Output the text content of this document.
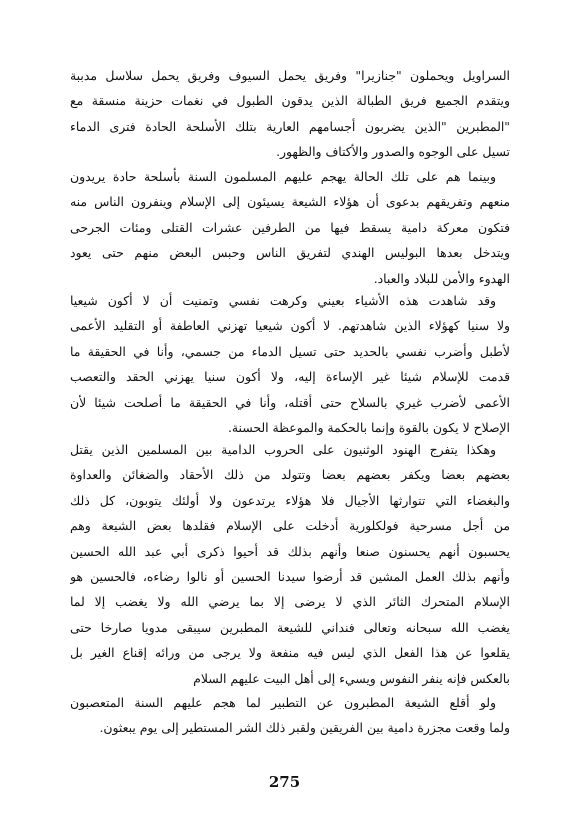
السراويل ويحملون "جنازيرا" وفريق يحمل السيوف وفريق يحمل سلاسل مدببة
ويتقدم الجميع فريق الطبالة الذين يدقون الطبول في نغمات حزينة منسقة مع
"المطبرين "الذين يضربون أجسامهم العارية بتلك الأسلحة الحادة فترى الدماء
تسيل على الوجوه والصدور والأكتاف والظهور.

وبينما هم على تلك الحالة يهجم عليهم المسلمون السنة بأسلحة حادة يريدون
منعهم وتفريقهم بدعوى أن هؤلاء الشيعة يسيئون إلى الإسلام وينفرون الناس منه
فتكون معركة دامية يسقط فيها من الطرفين عشرات القتلى ومئات الجرحى
ويتدخل بعدها البوليس الهندي لتفريق الناس وحبس البعض منهم حتى يعود
الهدوء والأمن للبلاد والعباد.

وقد شاهدت هذه الأشياء بعيني وكرهت نفسي وتمنيت أن لا أكون شيعيا
ولا سنيا كهؤلاء الذين شاهدتهم. لا أكون شيعيا تهزني العاطفة أو التقليد الأعمى
لأطبل وأضرب نفسي بالحديد حتى تسيل الدماء من جسمي، وأنا في الحقيقة ما
قدمت للإسلام شيئا غير الإساءة إليه، ولا أكون سنيا يهزني الحقد والتعصب
الأعمى لأضرب غيري بالسلاح حتى أقتله، وأنا في الحقيقة ما أصلحت شيئا لأن
الإصلاح لا يكون بالقوة وإنما بالحكمة والموعظة الحسنة.

وهكذا يتفرج الهنود الوثنيون على الحروب الدامية بين المسلمين الذين يقتل
بعضهم بعضا ويكفر بعضهم بعضا وتتولد من ذلك الأحقاد والضغائن والعداوة
والبغضاء التي تتوارثها الأجيال فلا هؤلاء يرتدعون ولا أولئك يتوبون، كل ذلك
من أجل مسرحية فولكلورية أدخلت على الإسلام فقلدها بعض الشيعة وهم
يحسبون أنهم يحسنون صنعا وأنهم بذلك قد أحيوا ذكرى أبي عبد الله الحسين
وأنهم بذلك العمل المشين قد أرضوا سيدنا الحسين أو نالوا رضاءه، فالحسين هو
الإسلام المتحرك الثائر الذي لا يرضى إلا بما يرضي الله ولا يغضب إلا لما
يغضب الله سبحانه وتعالى فنداني للشيعة المطبرين سيبقى مدويا صارخا حتى
يقلعوا عن هذا الفعل الذي ليس فيه منفعة ولا يرجى من ورائه إقناع الغير بل
بالعكس فإنه ينفر النفوس ويسيء إلى أهل البيت عليهم السلام

ولو أقلع الشيعة المطبرون عن التطبير لما هجم عليهم السنة المتعصبون
ولما وقعت مجزرة دامية بين الفريقين ولقبر ذلك الشر المستطير إلى يوم يبعثون.

275
